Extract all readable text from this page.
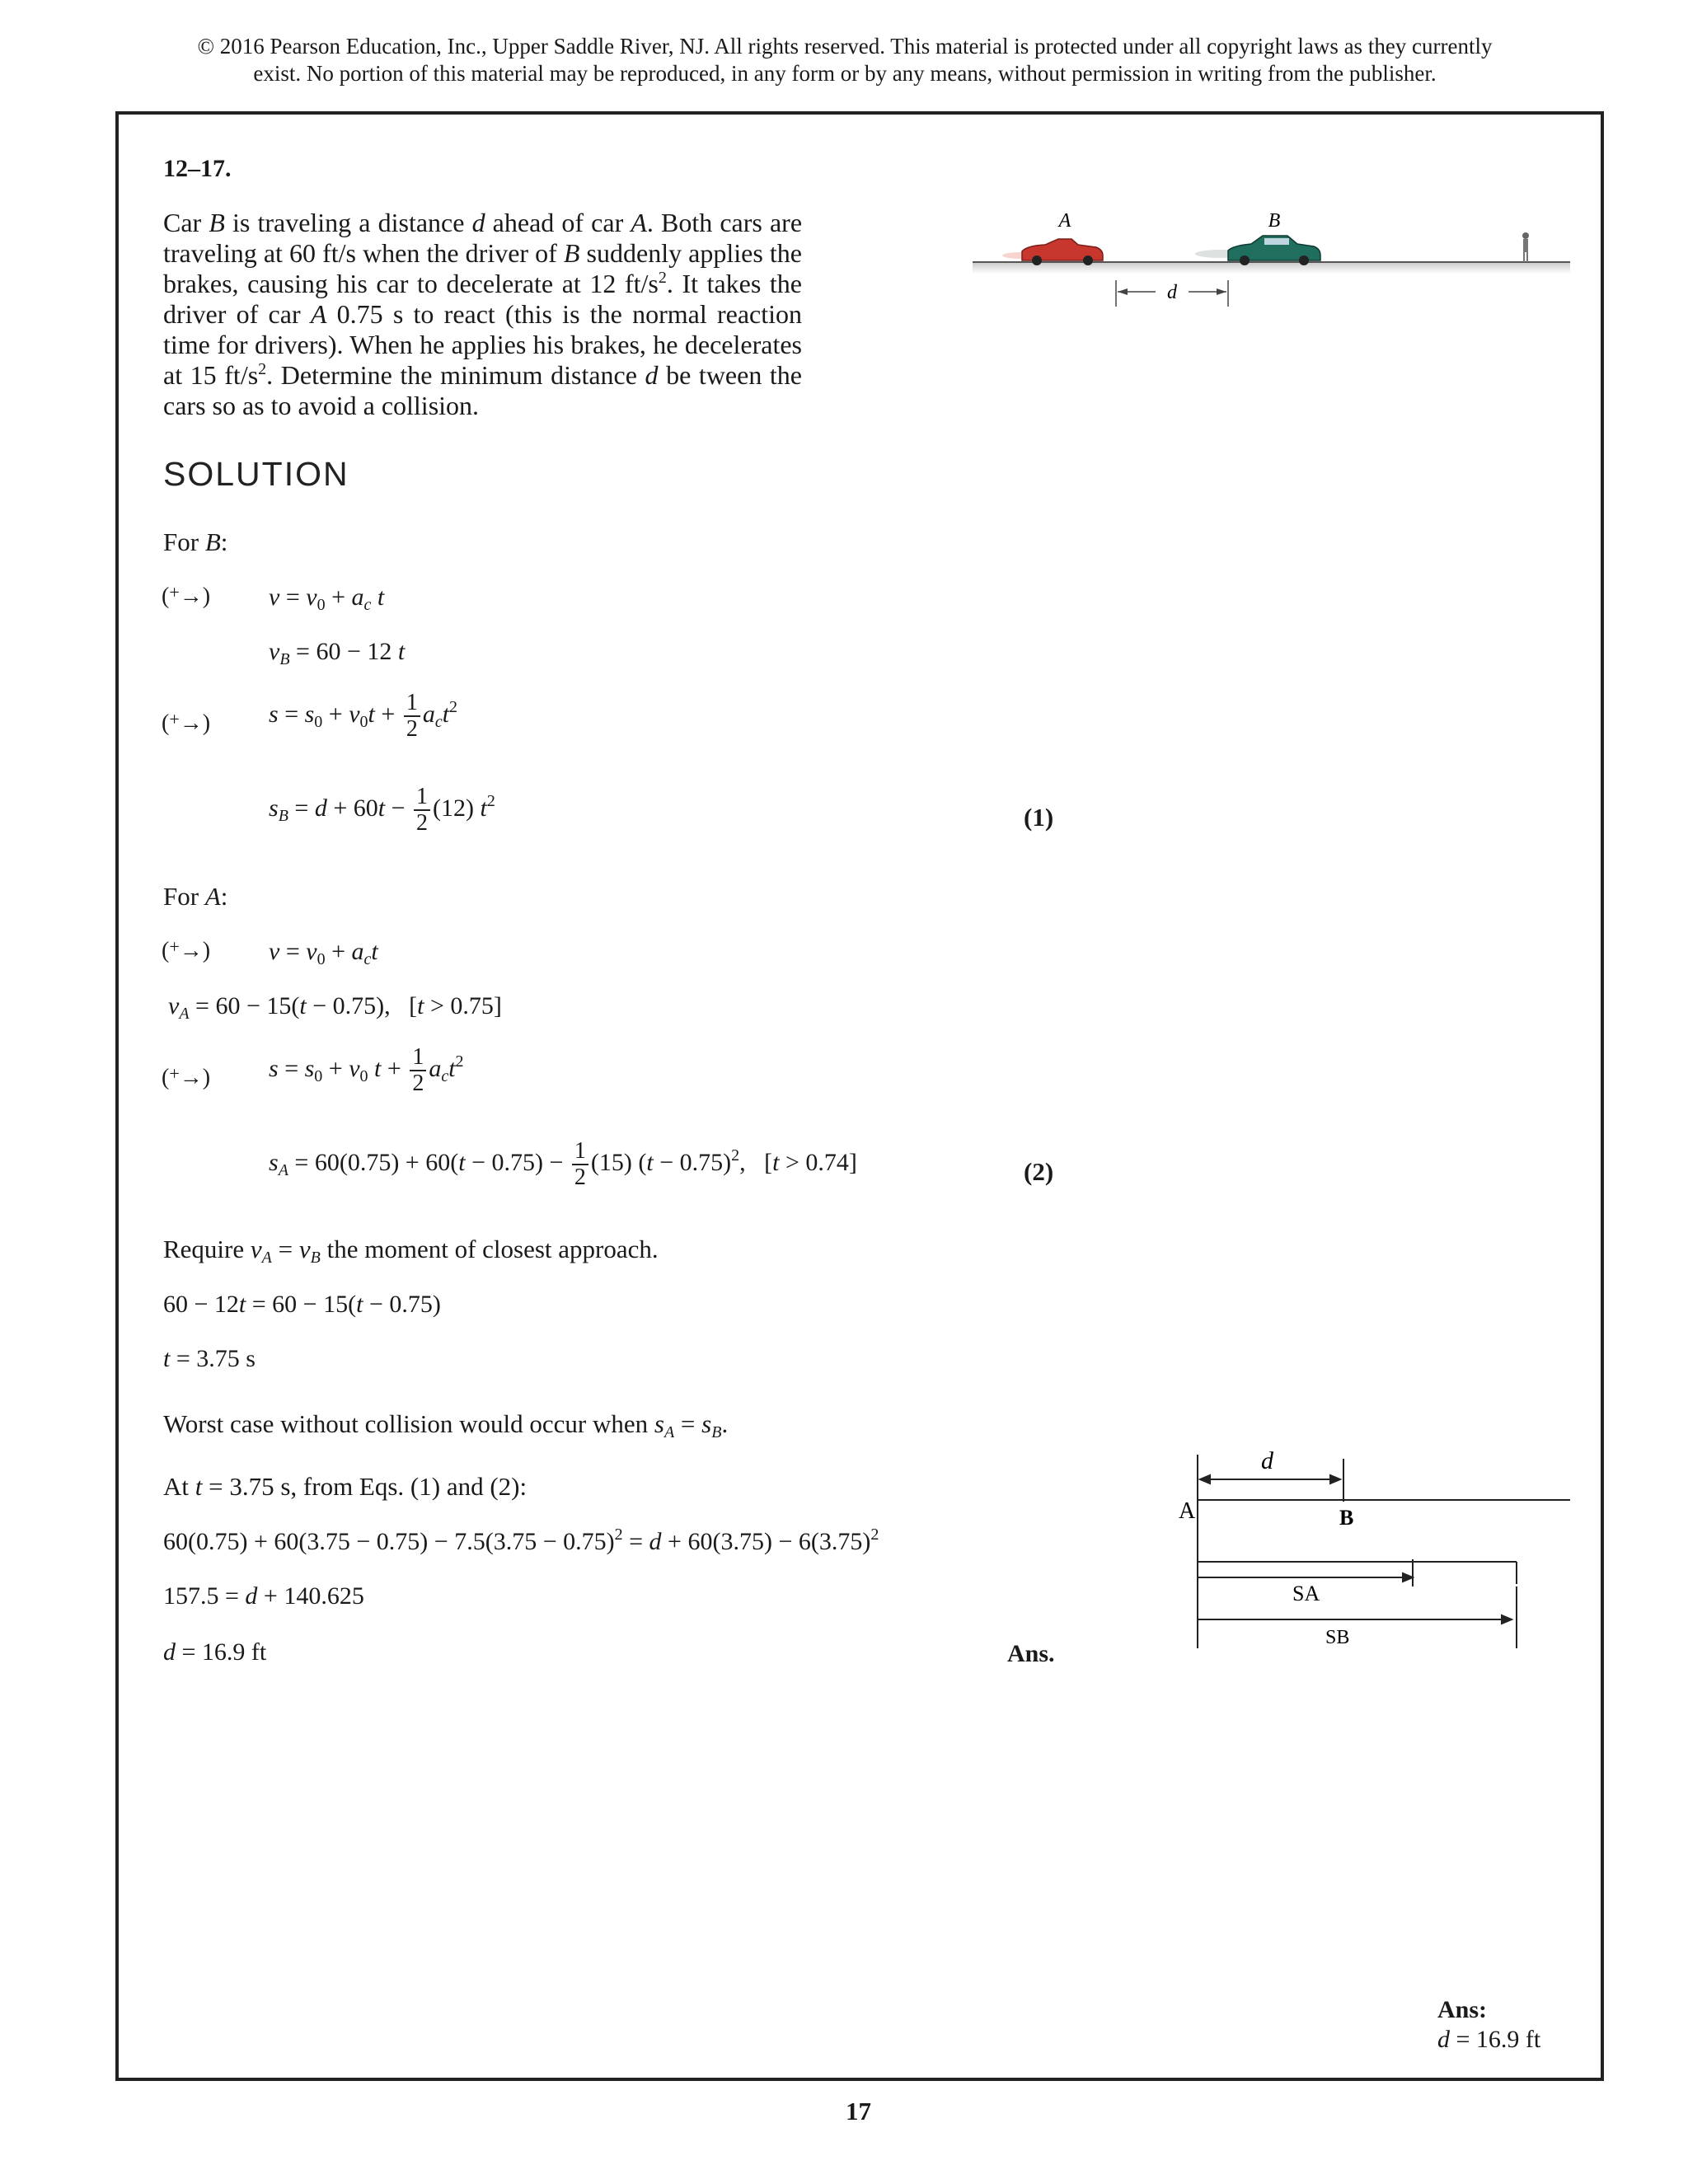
© 2016 Pearson Education, Inc., Upper Saddle River, NJ. All rights reserved. This material is protected under all copyright laws as they currently
exist. No portion of this material may be reproduced, in any form or by any means, without permission in writing from the publisher.
12–17.
Car B is traveling a distance d ahead of car A. Both cars are traveling at 60 ft/s when the driver of B suddenly applies the brakes, causing his car to decelerate at 12 $ft/s^2$. It takes the driver of car A 0.75 s to react (this is the normal reaction time for drivers). When he applies his brakes, he decelerates at 15 $ft/s^2$. Determine the minimum distance d be tween the cars so as to avoid a collision.
A	B
d
SOLUTION
For B:
(+→) $v = v_0 + a_c$ t
$v_B = 60 - 12$ t
(+→) $s = s_0 + v_0t + \frac{1}{2} a_ct^2$
$s_B = d + 60t - \frac{1}{2} (12)$ $t^2$
(1)
For A:
(+→) $v = v_0 + a_ct$
$v_A = 60 - 15(t - 0.75)$,   [t > 0.75]
(+→) $s = s_0 + v_0$ $t + \frac{1}{2} a_ct^2$
$s_A = 60(0.75) + 60(t - 0.75) - \frac{1}{2} (15) (t - 0.75)^2$,   [t > 0.74]	(2)
Require $v_A = v_B$ the moment of closest approach.
60 − 12t = 60 − 15(t − 0.75)
t = 3.75 s
Worst case without collision would occur when $s_A = s_B$.
At t = 3.75 s, from Eqs. (1) and (2):
$60(0.75) + 60(3.75 - 0.75) - 7.5(3.75 - 0.75)^2 = d + 60(3.75) - 6(3.75)^2$
157.5 = d + 140.625
d = 16.9 ft	Ans.
d
A	B
SA
SB
Ans:
d = 16.9 ft
17
